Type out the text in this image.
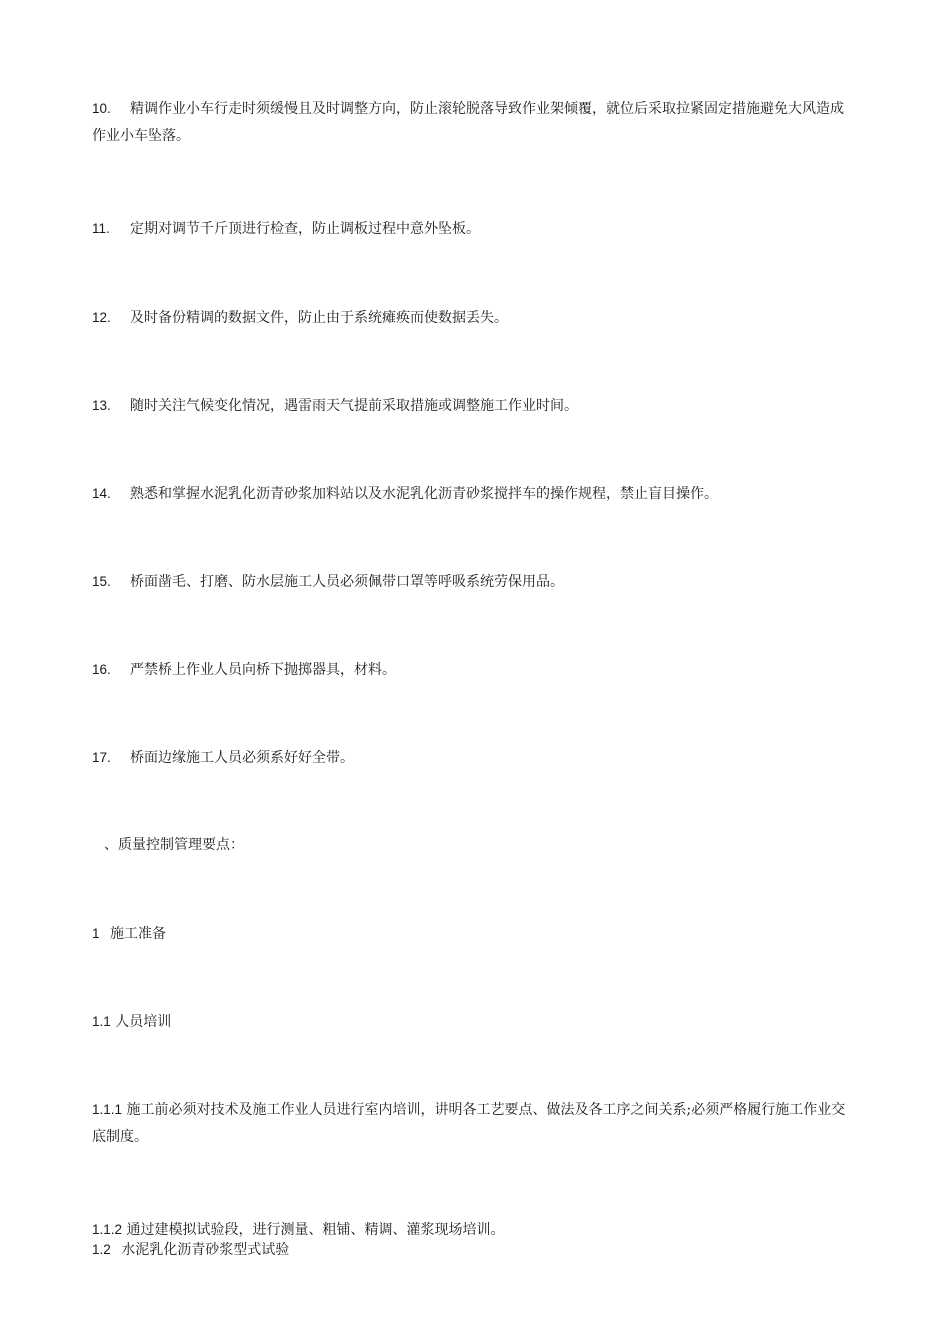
10. 精调作业小车行走时须缓慢且及时调整方向，防止滚轮脱落导致作业架倾覆，就位后采取拉紧固定措施避免大风造成作业小车坠落。

11. 定期对调节千斤顶进行检查，防止调板过程中意外坠板。

12. 及时备份精调的数据文件，防止由于系统瘫痪而使数据丢失。

13. 随时关注气候变化情况，遇雷雨天气提前采取措施或调整施工作业时间。

14. 熟悉和掌握水泥乳化沥青砂浆加料站以及水泥乳化沥青砂浆搅拌车的操作规程，禁止盲目操作。

15. 桥面凿毛、打磨、防水层施工人员必须佩带口罩等呼吸系统劳保用品。

16. 严禁桥上作业人员向桥下抛掷器具，材料。

17. 桥面边缘施工人员必须系好好全带。

、质量控制管理要点：

1 施工准备

1.1 人员培训

1.1.1 施工前必须对技术及施工作业人员进行室内培训，讲明各工艺要点、做法及各工序之间关系;必须严格履行施工作业交底制度。

1.1.2 通过建模拟试验段，进行测量、粗铺、精调、灌浆现场培训。

1.2 水泥乳化沥青砂浆型式试验
